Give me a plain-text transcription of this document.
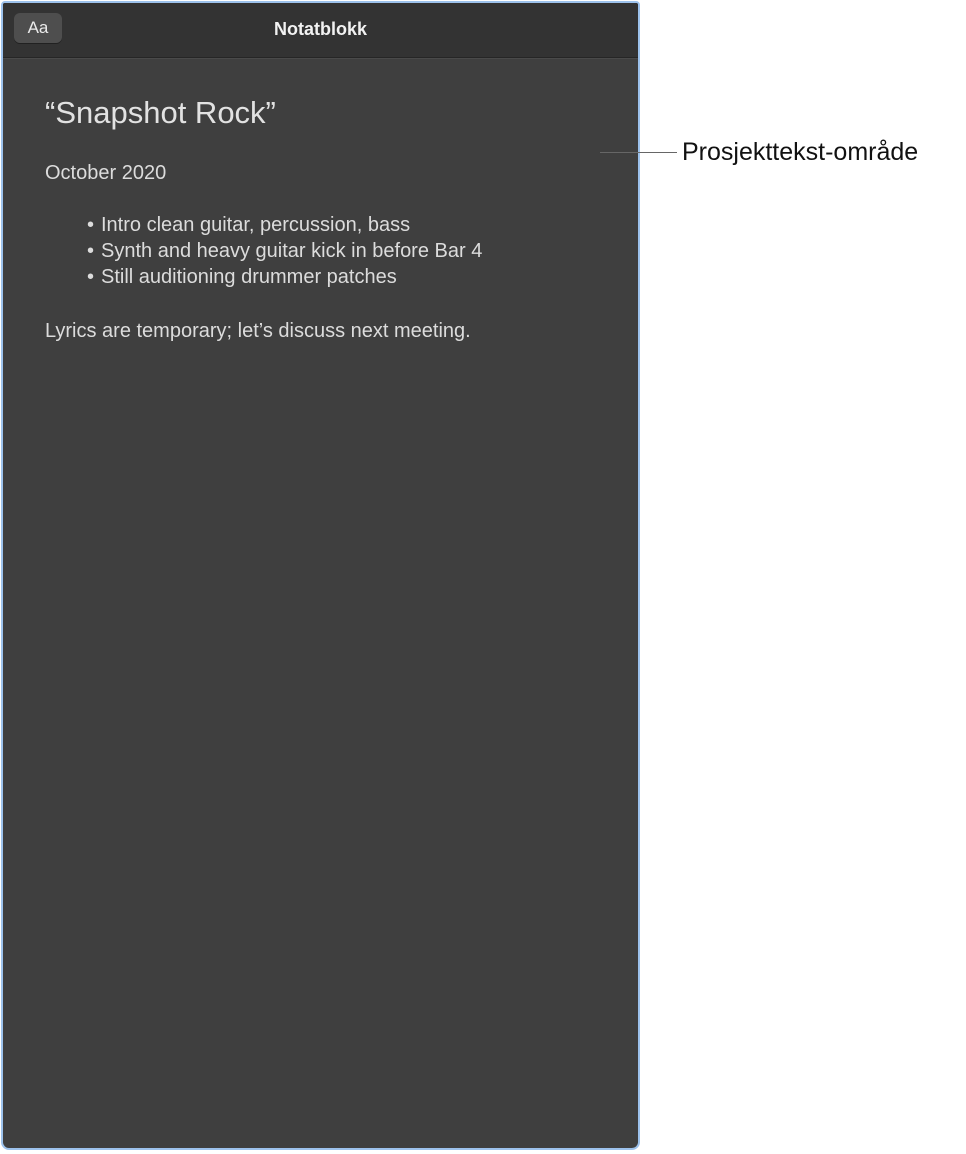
Aa	Notatblokk
“Snapshot Rock”
October 2020
• Intro clean guitar, percussion, bass
• Synth and heavy guitar kick in before Bar 4
• Still auditioning drummer patches
Lyrics are temporary; let’s discuss next meeting.
Prosjekttekst-område
